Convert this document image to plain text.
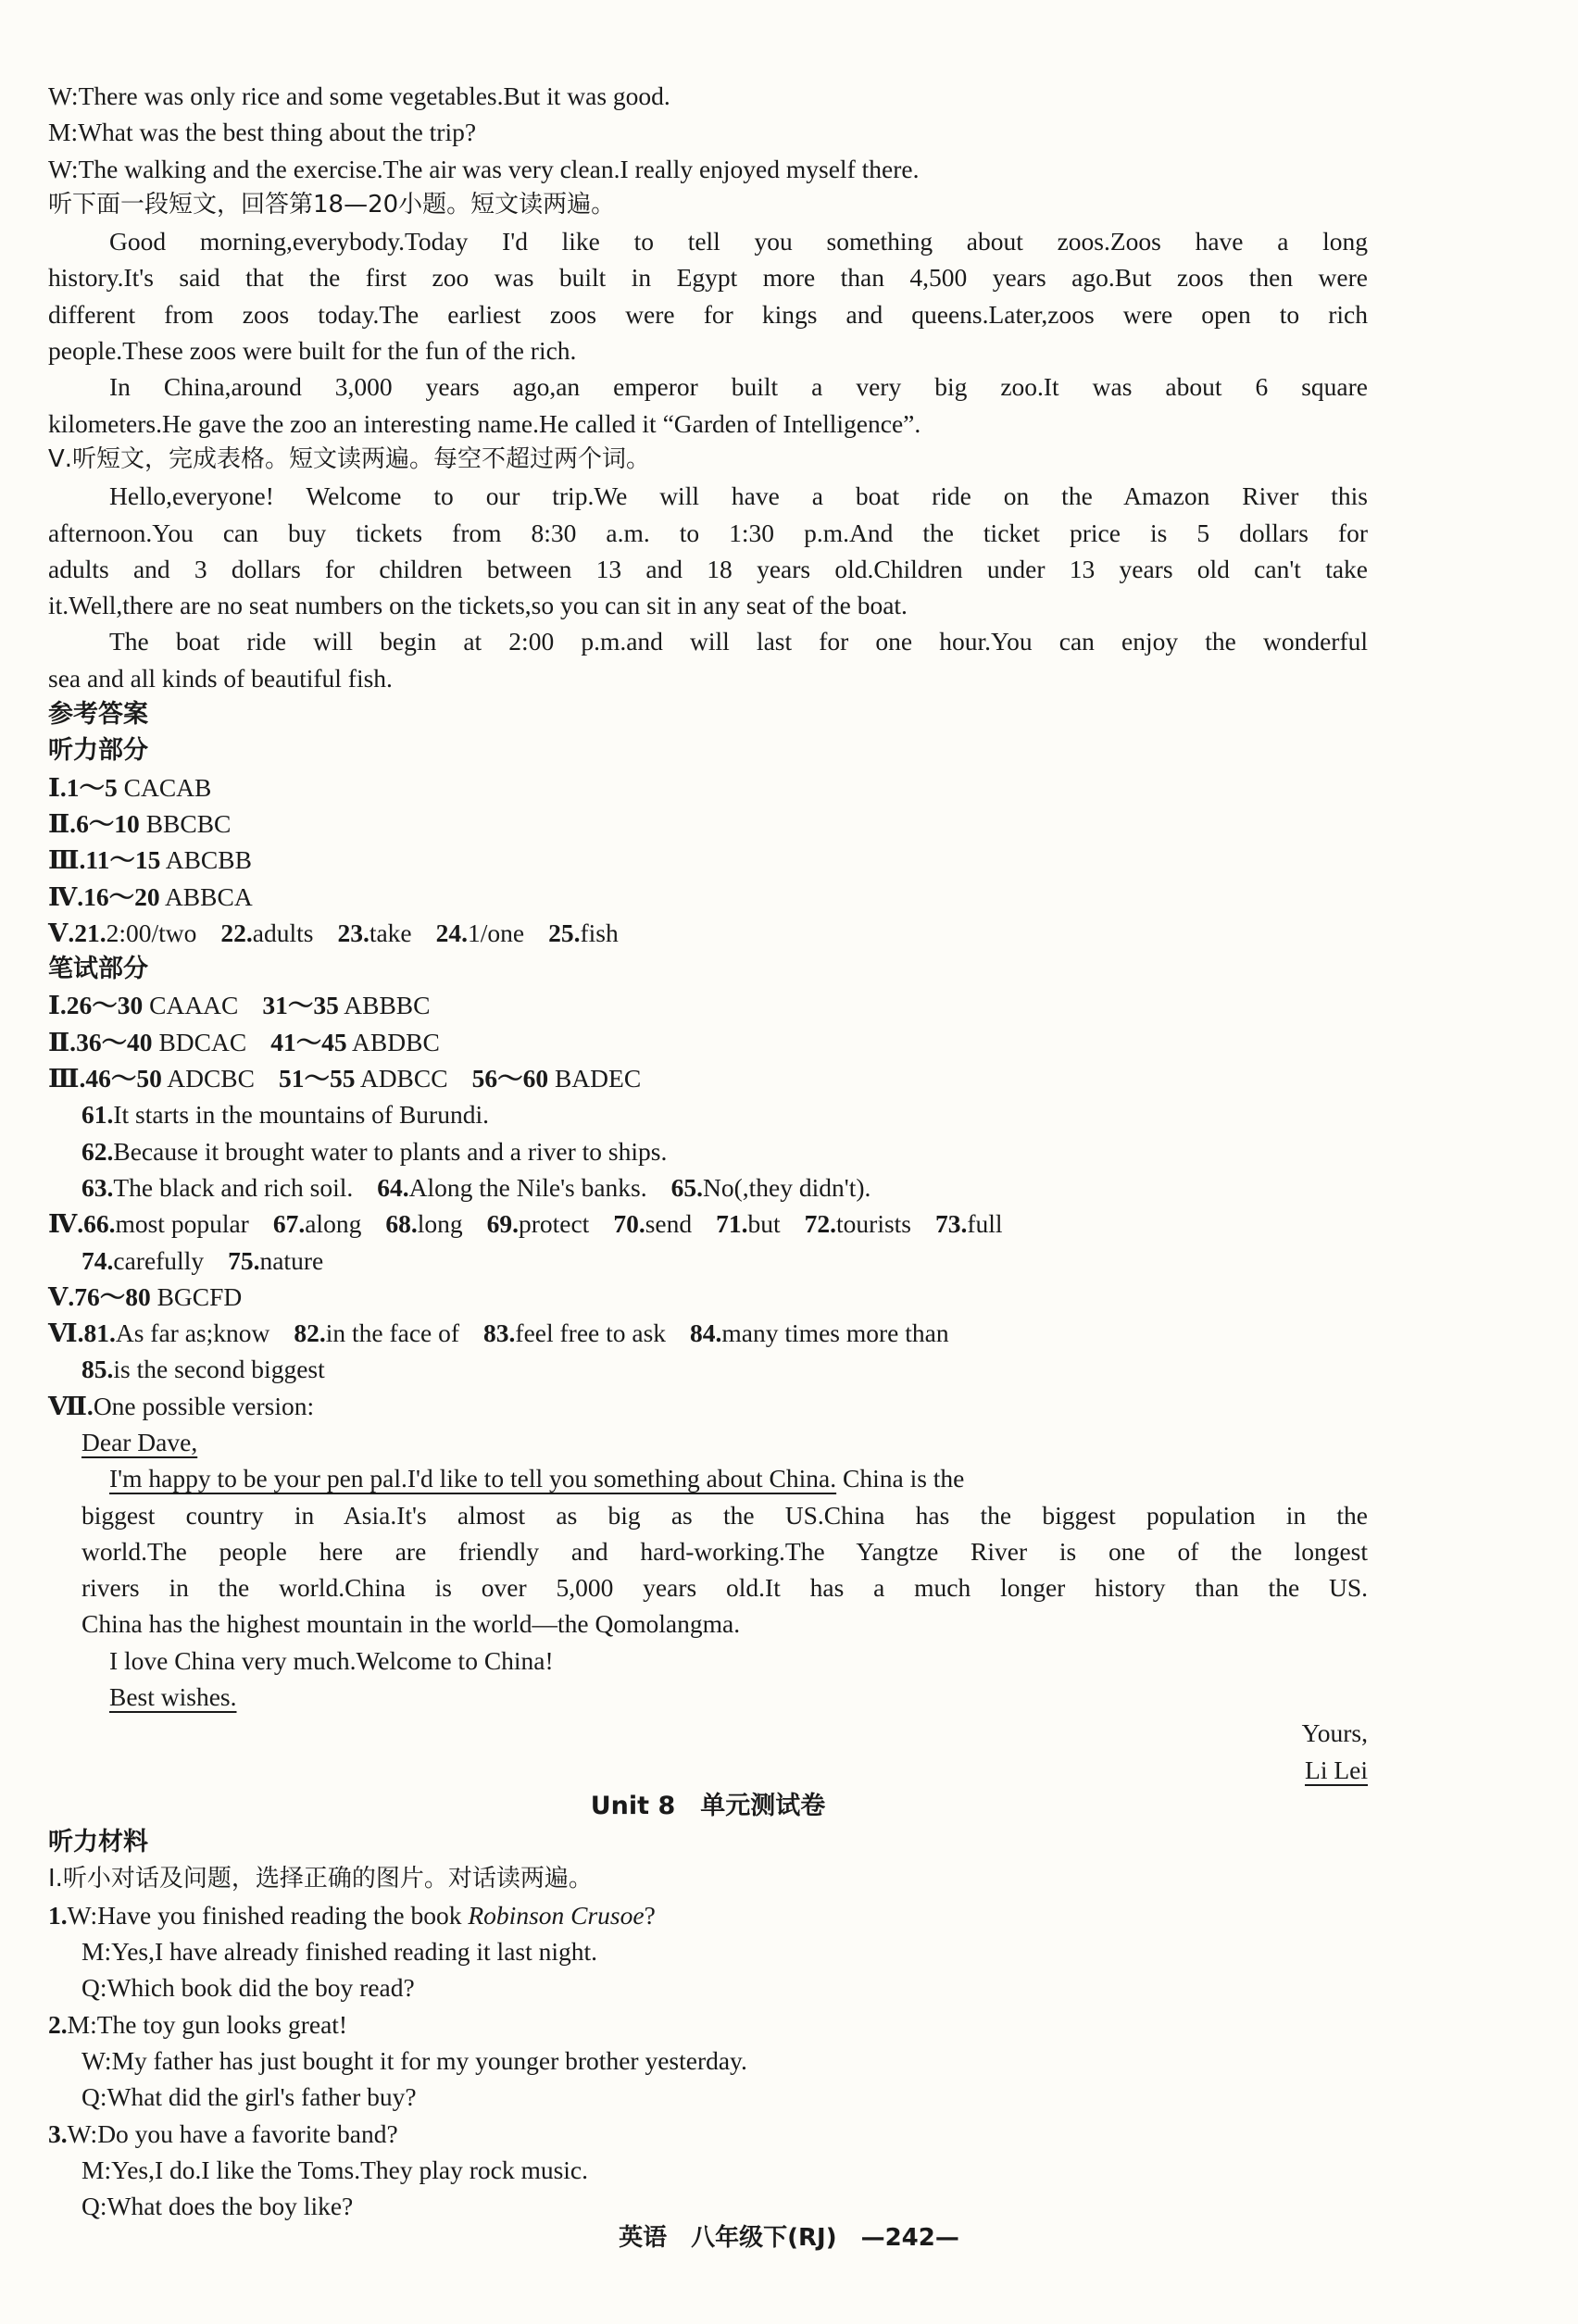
W:There was only rice and some vegetables.But it was good.
M:What was the best thing about the trip?
W:The walking and the exercise.The air was very clean.I really enjoyed myself there.
听下面一段短文，回答第18—20小题。短文读两遍。
Good morning,everybody.Today I'd like to tell you something about zoos.Zoos have a long
history.It's said that the first zoo was built in Egypt more than 4,500 years ago.But zoos then were
different from zoos today.The earliest zoos were for kings and queens.Later,zoos were open to rich
people.These zoos were built for the fun of the rich.
In China,around 3,000 years ago,an emperor built a very big zoo.It was about 6 square
kilometers.He gave the zoo an interesting name.He called it “Garden of Intelligence”.
Ⅴ.听短文，完成表格。短文读两遍。每空不超过两个词。
Hello,everyone! Welcome to our trip.We will have a boat ride on the Amazon River this
afternoon.You can buy tickets from 8:30 a.m. to 1:30 p.m.And the ticket price is 5 dollars for
adults and 3 dollars for children between 13 and 18 years old.Children under 13 years old can't take
it.Well,there are no seat numbers on the tickets,so you can sit in any seat of the boat.
The boat ride will begin at 2:00 p.m.and will last for one hour.You can enjoy the wonderful
sea and all kinds of beautiful fish.
参考答案
听力部分
Ⅰ.1～5 CACAB
Ⅱ.6～10 BBCBC
Ⅲ.11～15 ABCBB
Ⅳ.16～20 ABBCA
Ⅴ.21.2:00/two 22.adults 23.take 24.1/one 25.fish
笔试部分
Ⅰ.26～30 CAAAC 31～35 ABBBC
Ⅱ.36～40 BDCAC 41～45 ABDBC
Ⅲ.46～50 ADCBC 51～55 ADBCC 56～60 BADEC
61.It starts in the mountains of Burundi.
62.Because it brought water to plants and a river to ships.
63.The black and rich soil. 64.Along the Nile's banks. 65.No(,they didn't).
Ⅳ.66.most popular 67.along 68.long 69.protect 70.send 71.but 72.tourists 73.full
74.carefully 75.nature
Ⅴ.76～80 BGCFD
Ⅵ.81.As far as;know 82.in the face of 83.feel free to ask 84.many times more than
85.is the second biggest
Ⅶ.One possible version:
Dear Dave,
I'm happy to be your pen pal.I'd like to tell you something about China. China is the
biggest country in Asia.It's almost as big as the US.China has the biggest population in the
world.The people here are friendly and hard-working.The Yangtze River is one of the longest
rivers in the world.China is over 5,000 years old.It has a much longer history than the US.
China has the highest mountain in the world—the Qomolangma.
I love China very much.Welcome to China!
Best wishes.
Yours,
Li Lei
Unit 8　单元测试卷
听力材料
Ⅰ.听小对话及问题，选择正确的图片。对话读两遍。
1.W:Have you finished reading the book Robinson Crusoe?
M:Yes,I have already finished reading it last night.
Q:Which book did the boy read?
2.M:The toy gun looks great!
W:My father has just bought it for my younger brother yesterday.
Q:What did the girl's father buy?
3.W:Do you have a favorite band?
M:Yes,I do.I like the Toms.They play rock music.
Q:What does the boy like?
英语　八年级下(RJ)　—242—
